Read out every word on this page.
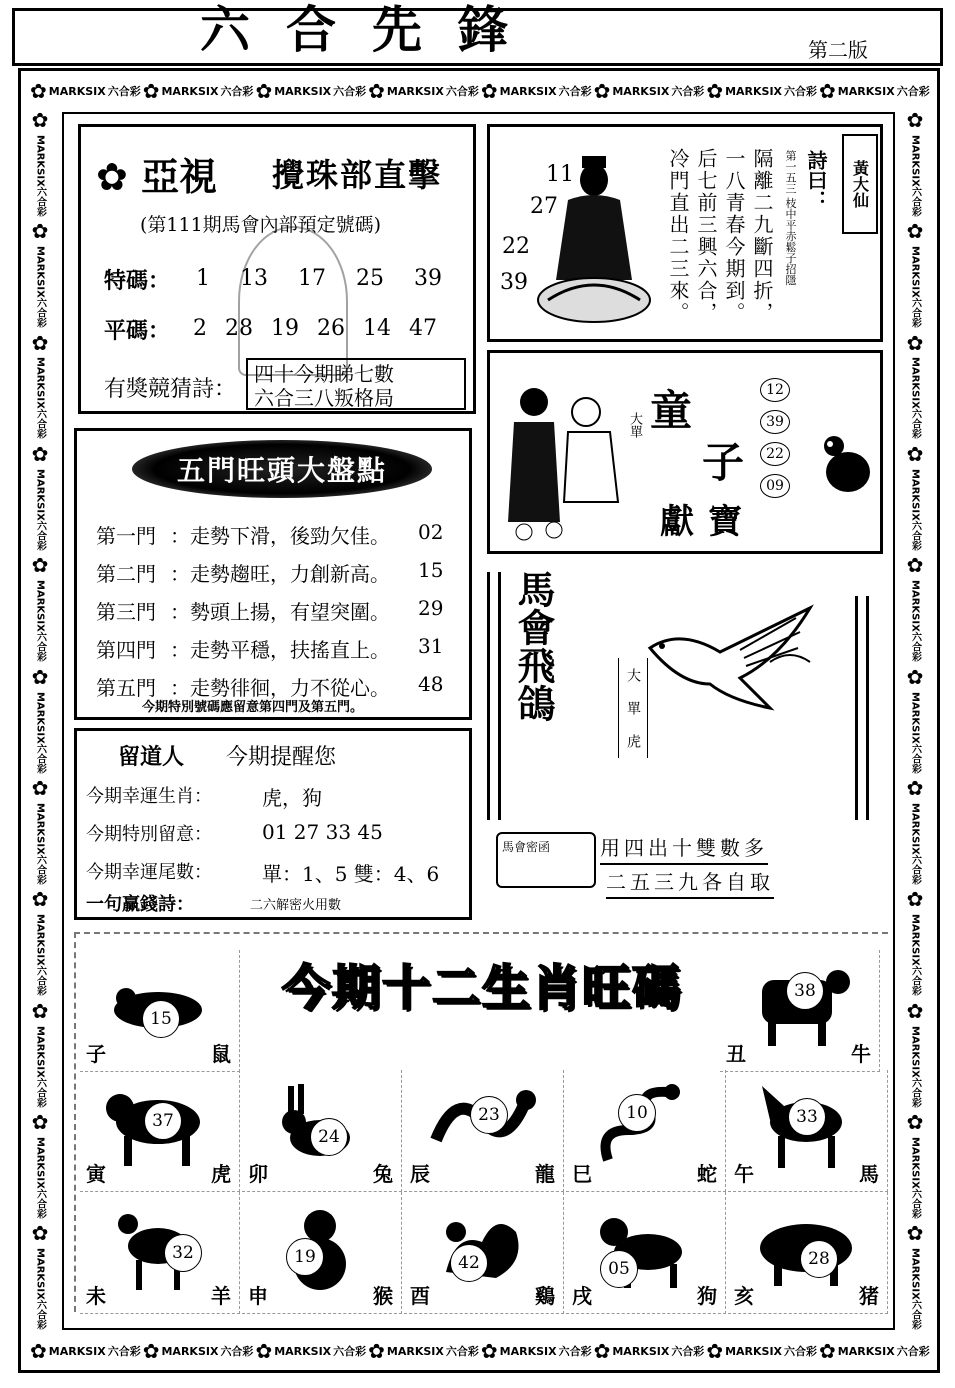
六合先鋒	第二版
✿ MARKSIX 六合彩 ✿ MARKSIX 六合彩 ✿ MARKSIX 六合彩 ✿ MARKSIX 六合彩 ✿ MARKSIX 六合彩 ✿ MARKSIX 六合彩 ✿ MARKSIX 六合彩 ✿ MARKSIX 六合彩
✿ MARKSIX 六合彩 ✿ MARKSIX 六合彩 ✿ MARKSIX 六合彩 ✿ MARKSIX 六合彩 ✿ MARKSIX 六合彩 ✿ MARKSIX 六合彩 ✿ MARKSIX 六合彩 ✿ MARKSIX 六合彩
✿
MARKSIX六合彩
✿
MARKSIX六合彩
✿
MARKSIX六合彩
✿
MARKSIX六合彩
✿
MARKSIX六合彩
✿
MARKSIX六合彩
✿
MARKSIX六合彩
✿
MARKSIX六合彩
✿
MARKSIX六合彩
✿
MARKSIX六合彩
✿
MARKSIX六合彩
✿
MARKSIX六合彩
✿
MARKSIX六合彩
✿
MARKSIX六合彩
✿
MARKSIX六合彩
✿
MARKSIX六合彩
✿
MARKSIX六合彩
✿
MARKSIX六合彩
✿
MARKSIX六合彩
✿
MARKSIX六合彩
✿
MARKSIX六合彩
✿
MARKSIX六合彩
✿ 亞視 攪珠部直擊
(第111期馬會內部預定號碼)
特碼： 1 13 17 25 39
平碼： 2 28 19 26 14 47
有獎競猜詩：
四十今期睇七數
六合三八叛格局
11
27
22
39	隔離二九斷四折，一八青春今期到。后七前三興六合，冷門直出二三來。	第一五三 枝中平赤鬆子招隱 詩曰：	黃大仙
大單 童
子
獻寶
12
39
22
09
五門旺頭大盤點
第一門 ：走勢下滑，後勁欠佳。	02
第二門 ：走勢趨旺，力創新高。	15
第三門 ：勢頭上揚，有望突圍。	29
第四門 ：走勢平穩，扶搖直上。	31
第五門 ：走勢徘徊，力不從心。	48
今期特別號碼應留意第四門及第五門。	馬會飛鴿	大
單
虎
馬會密函 用四出十雙數多
二五三九各自取
留道人 今期提醒您
今期幸運生肖：	虎，狗
今期特別留意：	01 27 33 45
今期幸運尾數：	單：1、5 雙：4、6
一句赢錢詩：	二六解密火用數
今期十二生肖旺碼
15
子	鼠
38
丑	牛
37
寅	虎
24
卯	兔
23
辰	龍
10
巳	蛇
33
午	馬
32
未	羊
19
申	猴
42
酉	鷄
05
戌	狗
28
亥	猪
